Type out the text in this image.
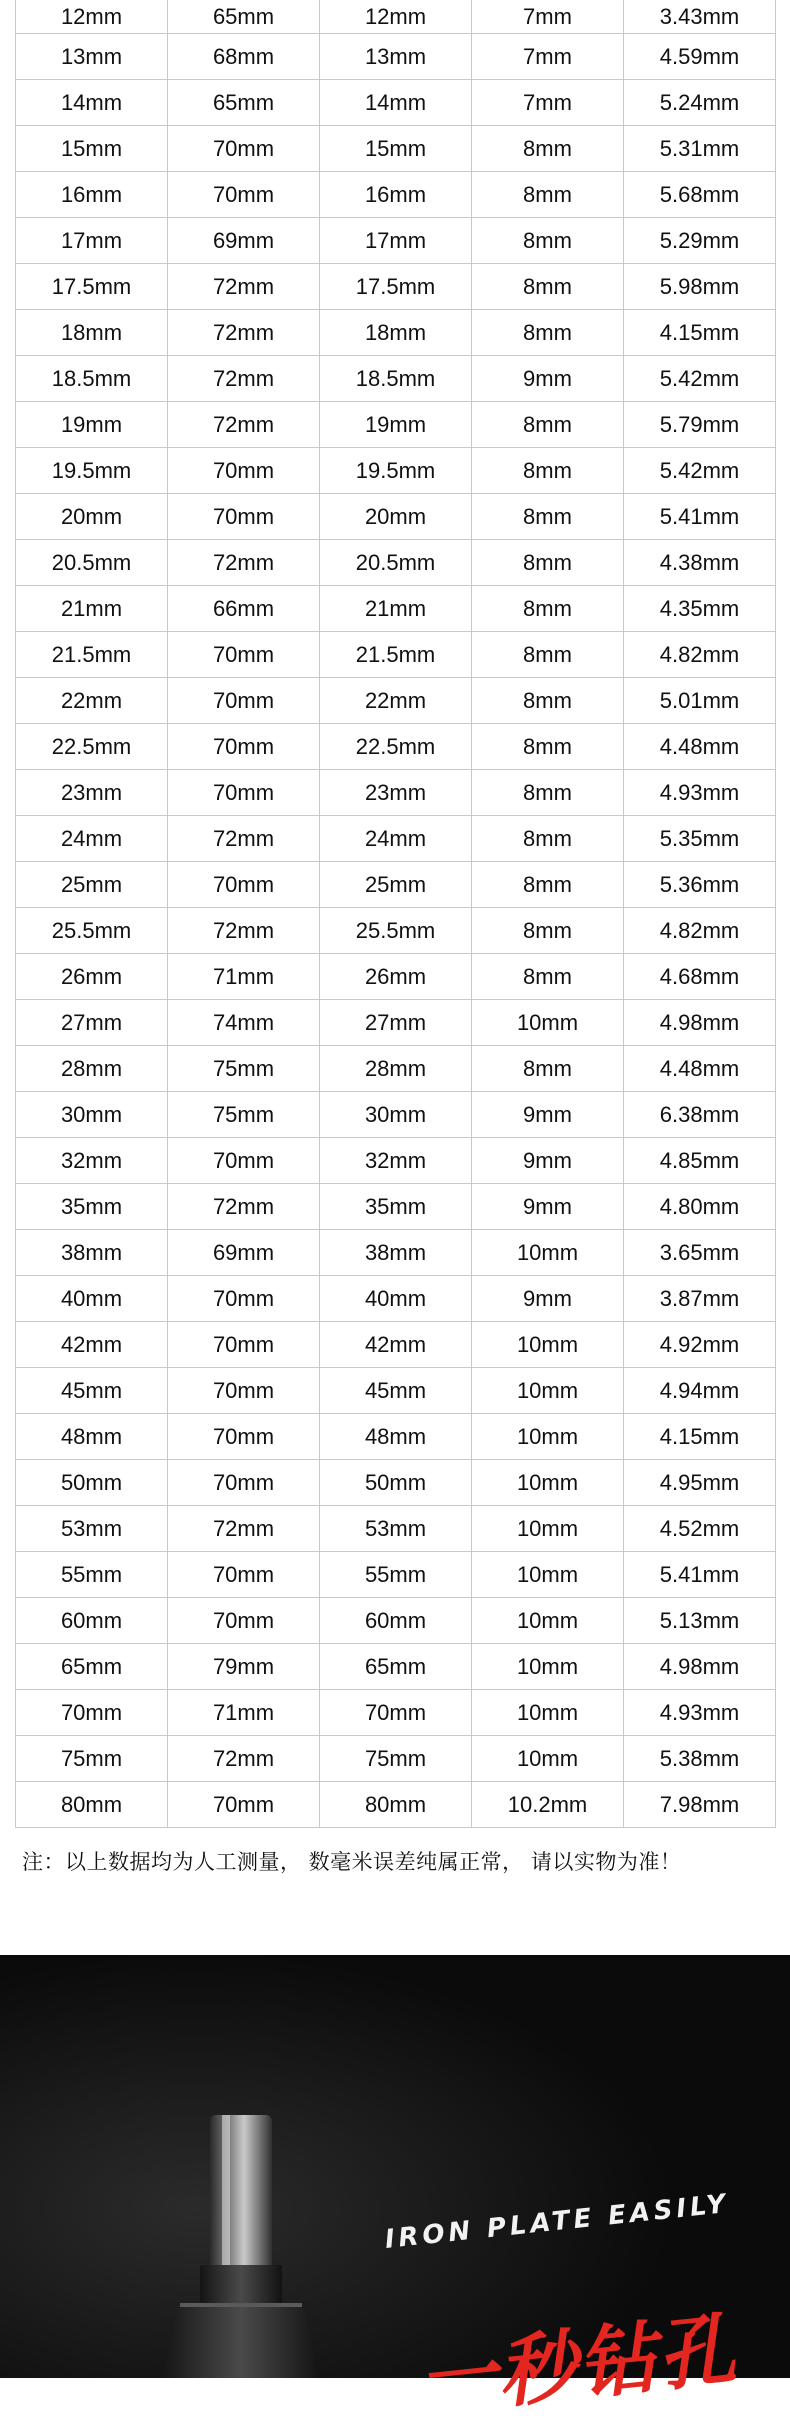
12mm	65mm	12mm	7mm	3.43mm
13mm	68mm	13mm	7mm	4.59mm
14mm	65mm	14mm	7mm	5.24mm
15mm	70mm	15mm	8mm	5.31mm
16mm	70mm	16mm	8mm	5.68mm
17mm	69mm	17mm	8mm	5.29mm
17.5mm	72mm	17.5mm	8mm	5.98mm
18mm	72mm	18mm	8mm	4.15mm
18.5mm	72mm	18.5mm	9mm	5.42mm
19mm	72mm	19mm	8mm	5.79mm
19.5mm	70mm	19.5mm	8mm	5.42mm
20mm	70mm	20mm	8mm	5.41mm
20.5mm	72mm	20.5mm	8mm	4.38mm
21mm	66mm	21mm	8mm	4.35mm
21.5mm	70mm	21.5mm	8mm	4.82mm
22mm	70mm	22mm	8mm	5.01mm
22.5mm	70mm	22.5mm	8mm	4.48mm
23mm	70mm	23mm	8mm	4.93mm
24mm	72mm	24mm	8mm	5.35mm
25mm	70mm	25mm	8mm	5.36mm
25.5mm	72mm	25.5mm	8mm	4.82mm
26mm	71mm	26mm	8mm	4.68mm
27mm	74mm	27mm	10mm	4.98mm
28mm	75mm	28mm	8mm	4.48mm
30mm	75mm	30mm	9mm	6.38mm
32mm	70mm	32mm	9mm	4.85mm
35mm	72mm	35mm	9mm	4.80mm
38mm	69mm	38mm	10mm	3.65mm
40mm	70mm	40mm	9mm	3.87mm
42mm	70mm	42mm	10mm	4.92mm
45mm	70mm	45mm	10mm	4.94mm
48mm	70mm	48mm	10mm	4.15mm
50mm	70mm	50mm	10mm	4.95mm
53mm	72mm	53mm	10mm	4.52mm
55mm	70mm	55mm	10mm	5.41mm
60mm	70mm	60mm	10mm	5.13mm
65mm	79mm	65mm	10mm	4.98mm
70mm	71mm	70mm	10mm	4.93mm
75mm	72mm	75mm	10mm	5.38mm
80mm	70mm	80mm	10.2mm	7.98mm
注：以上数据均为人工测量， 数毫米误差纯属正常， 请以实物为准！
IRON PLATE EASILY
一秒钻孔
